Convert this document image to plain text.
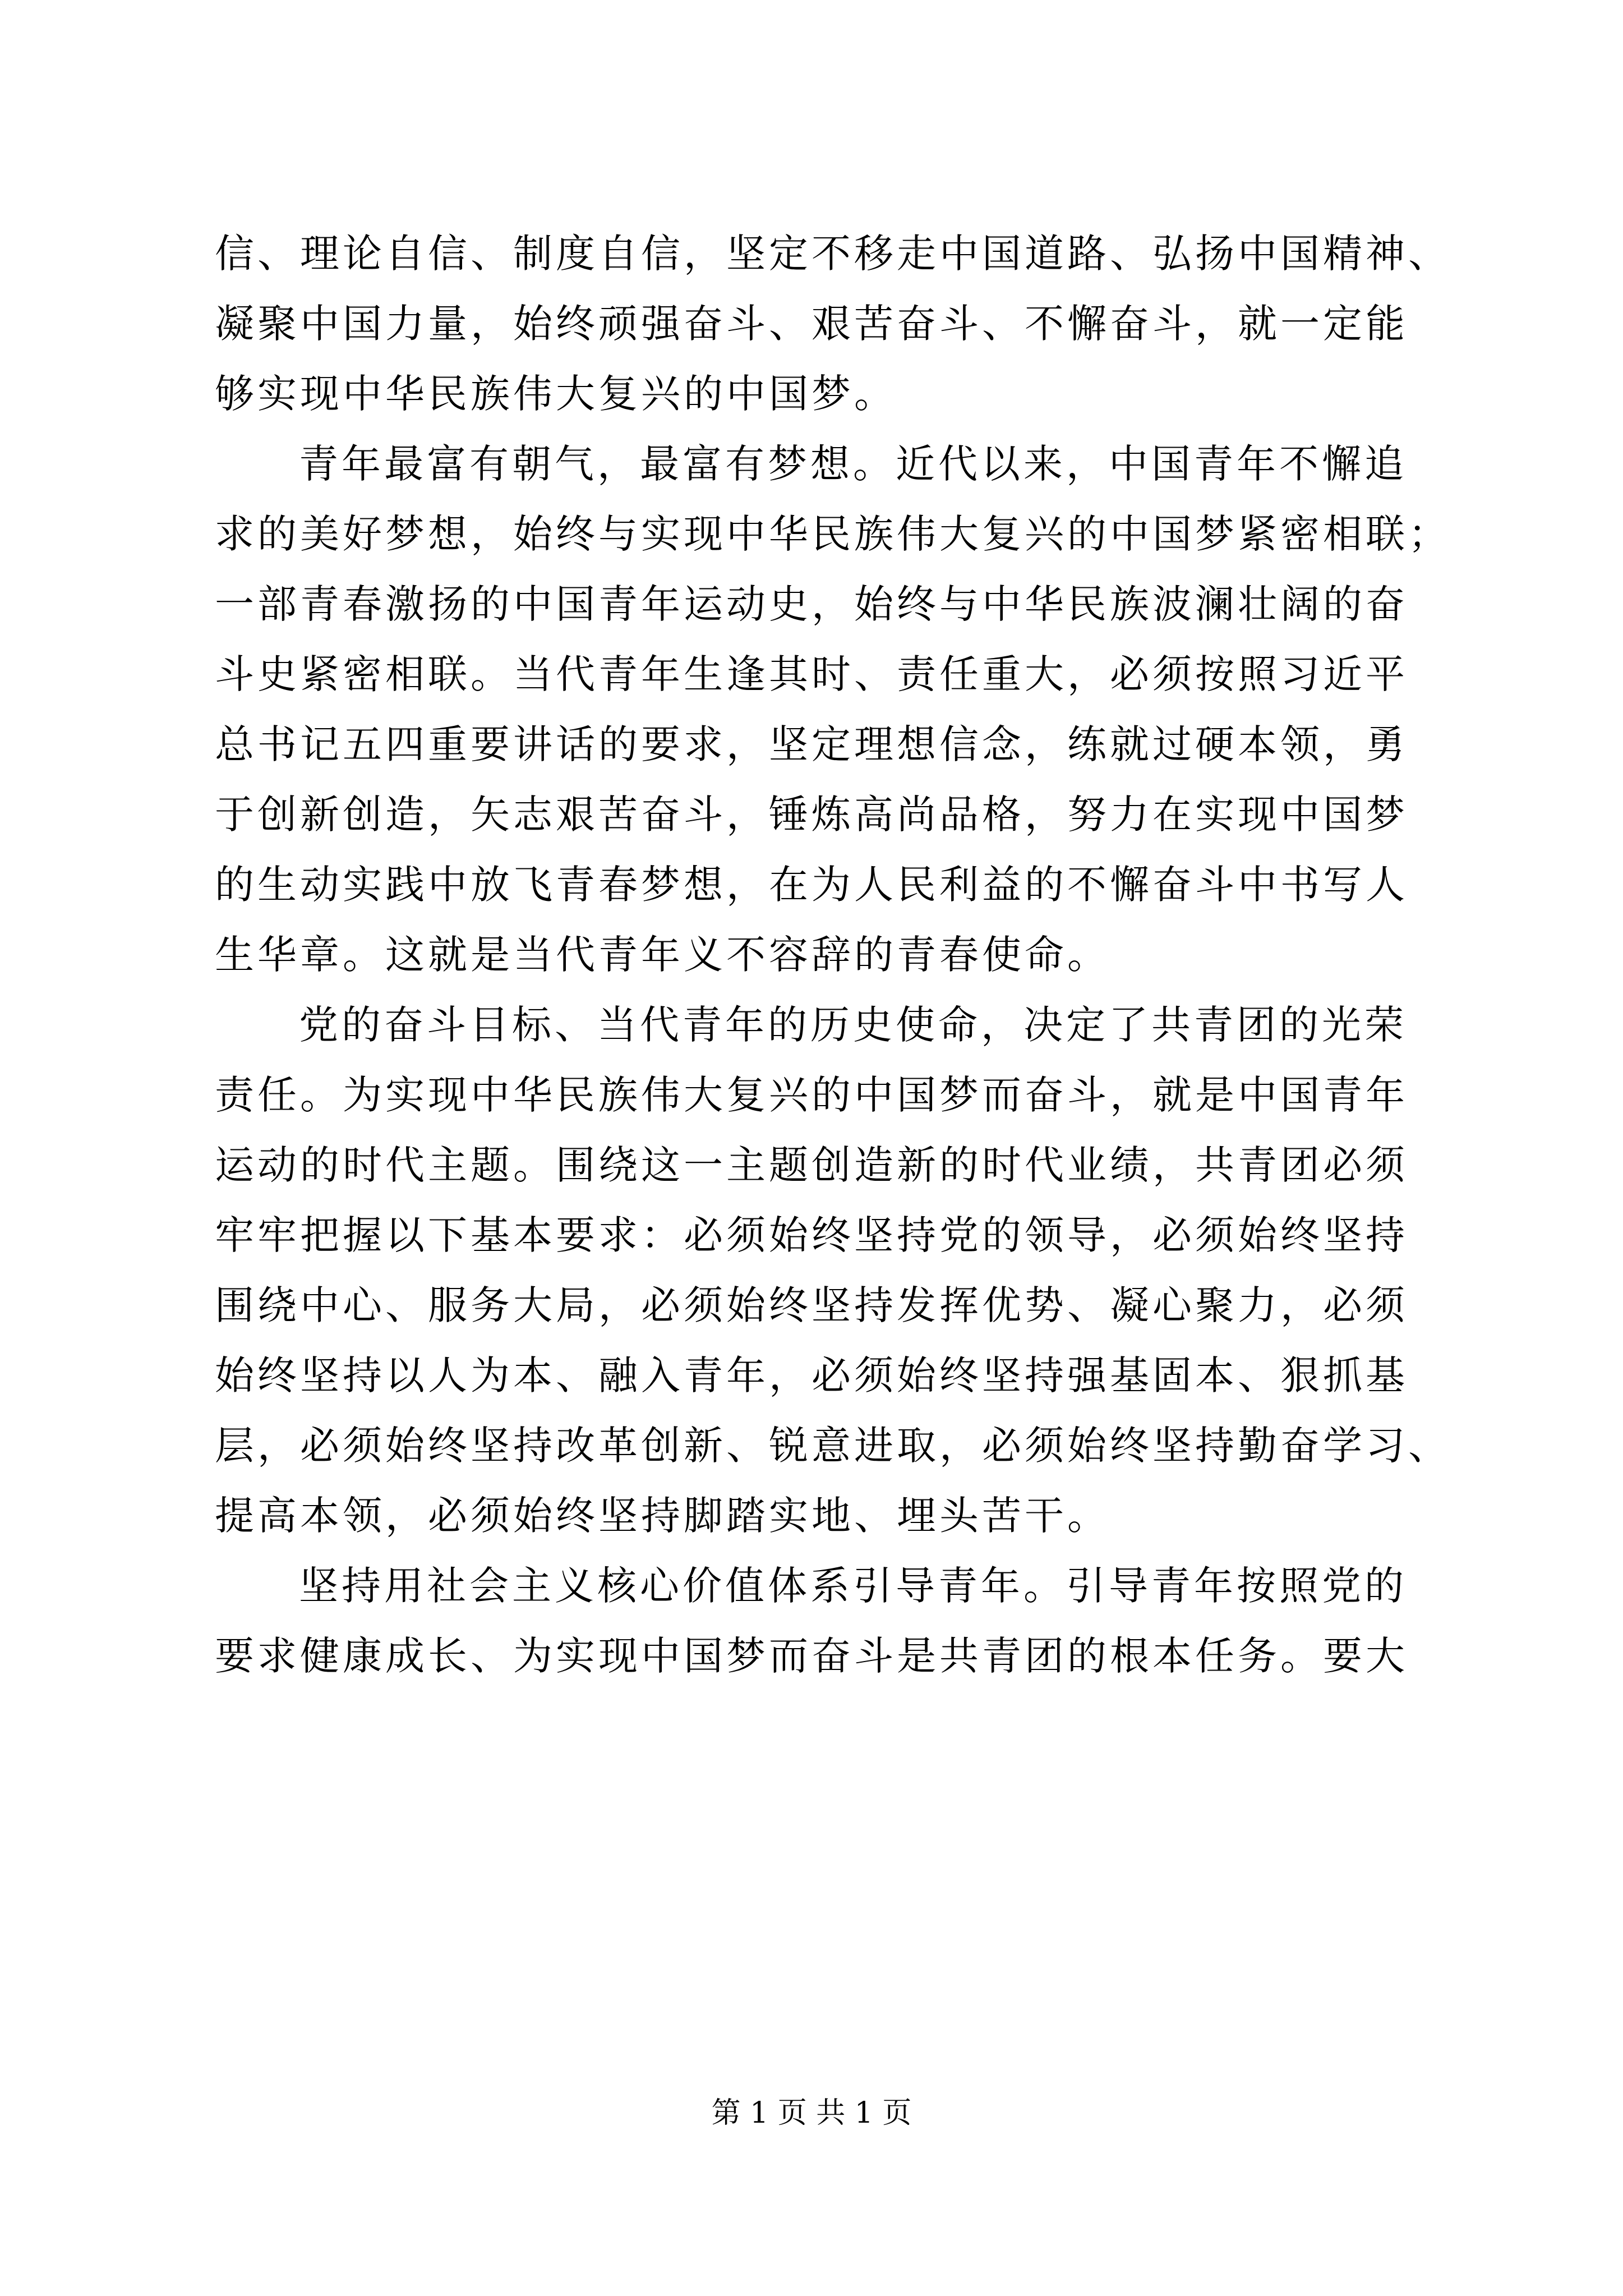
信、理论自信、制度自信，坚定不移走中国道路、弘扬中国精神、
凝聚中国力量，始终顽强奋斗、艰苦奋斗、不懈奋斗，就一定能
够实现中华民族伟大复兴的中国梦。
青年最富有朝气，最富有梦想。近代以来，中国青年不懈追
求的美好梦想，始终与实现中华民族伟大复兴的中国梦紧密相联；
一部青春激扬的中国青年运动史，始终与中华民族波澜壮阔的奋
斗史紧密相联。当代青年生逢其时、责任重大，必须按照习近平
总书记五四重要讲话的要求，坚定理想信念，练就过硬本领，勇
于创新创造，矢志艰苦奋斗，锤炼高尚品格，努力在实现中国梦
的生动实践中放飞青春梦想，在为人民利益的不懈奋斗中书写人
生华章。这就是当代青年义不容辞的青春使命。
党的奋斗目标、当代青年的历史使命，决定了共青团的光荣
责任。为实现中华民族伟大复兴的中国梦而奋斗，就是中国青年
运动的时代主题。围绕这一主题创造新的时代业绩，共青团必须
牢牢把握以下基本要求：必须始终坚持党的领导，必须始终坚持
围绕中心、服务大局，必须始终坚持发挥优势、凝心聚力，必须
始终坚持以人为本、融入青年，必须始终坚持强基固本、狠抓基
层，必须始终坚持改革创新、锐意进取，必须始终坚持勤奋学习、
提高本领，必须始终坚持脚踏实地、埋头苦干。
坚持用社会主义核心价值体系引导青年。引导青年按照党的
要求健康成长、为实现中国梦而奋斗是共青团的根本任务。要大
第 1 页 共 1 页
